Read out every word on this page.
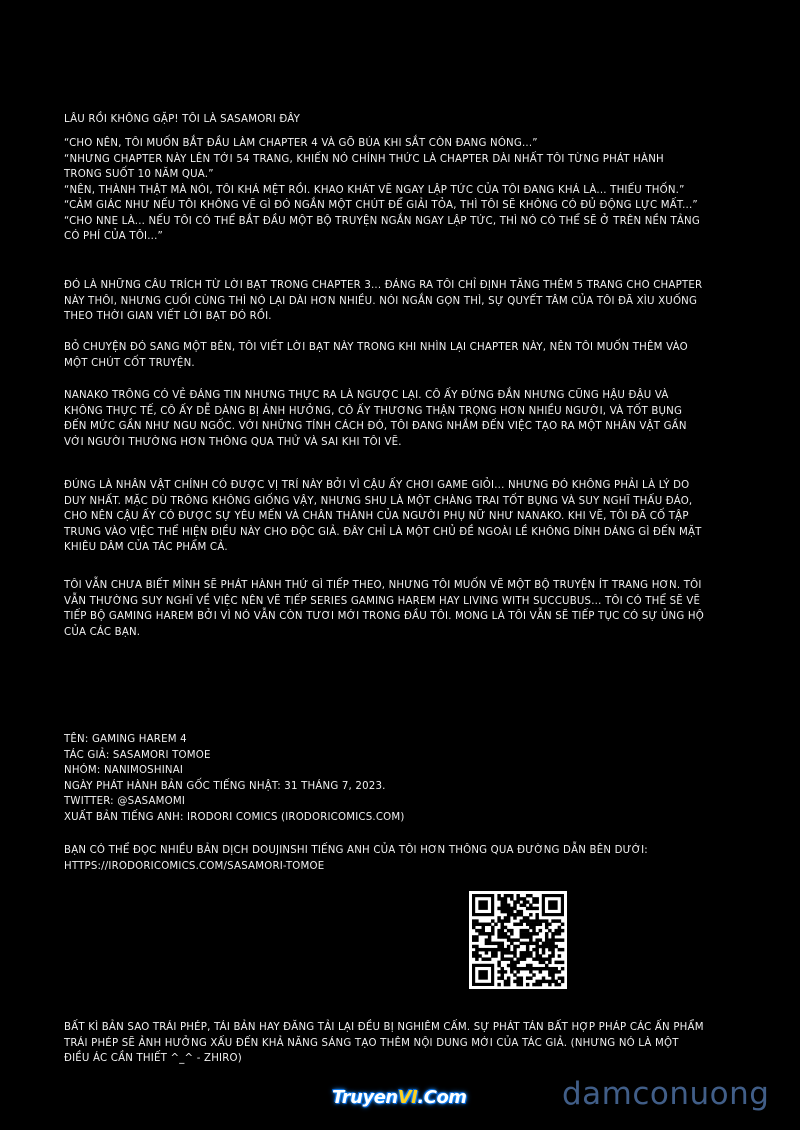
LÂU RỒI KHÔNG GẶP! TÔI LÀ SASAMORI ĐÂY

“CHO NÊN, TÔI MUỐN BẮT ĐẦU LÀM CHAPTER 4 VÀ GÕ BÚA KHI SẮT CÒN ĐANG NÓNG...”

“NHƯNG CHAPTER NÀY LÊN TỚI 54 TRANG, KHIẾN NÓ CHÍNH THỨC LÀ CHAPTER DÀI NHẤT TÔI TỪNG PHÁT HÀNH TRONG SUỐT 10 NĂM QUA.”

“NÊN, THÀNH THẬT MÀ NÓI, TÔI KHÁ MỆT RỒI. KHAO KHÁT VẼ NGAY LẬP TỨC CỦA TÔI ĐANG KHÁ LÀ... THIẾU THỐN.”

“CẢM GIÁC NHƯ NẾU TÔI KHÔNG VẼ GÌ ĐÓ NGẮN MỘT CHÚT ĐỂ GIẢI TỎA, THÌ TÔI SẼ KHÔNG CÓ ĐỦ ĐỘNG LỰC MẤT...”

“CHO NNE LÀ... NẾU TÔI CÓ THỂ BẮT ĐẦU MỘT BỘ TRUYỆN NGẮN NGAY LẬP TỨC, THÌ NÓ CÓ THỂ SẼ Ở TRÊN NỀN TẢNG CÓ PHÍ CỦA TÔI...”

ĐÓ LÀ NHỮNG CÂU TRÍCH TỪ LỜI BẠT TRONG CHAPTER 3... ĐÁNG RA TÔI CHỈ ĐỊNH TĂNG THÊM 5 TRANG CHO CHAPTER NÀY THÔI, NHƯNG CUỐI CÙNG THÌ NÓ LẠI DÀI HƠN NHIỀU. NÓI NGẮN GỌN THÌ, SỰ QUYẾT TÂM CỦA TÔI ĐÃ XÌU XUỐNG THEO THỜI GIAN VIẾT LỜI BẠT ĐÓ RỒI.

BỎ CHUYỆN ĐÓ SANG MỘT BÊN, TÔI VIẾT LỜI BẠT NÀY TRONG KHI NHÌN LẠI CHAPTER NÀY, NÊN TÔI MUỐN THÊM VÀO MỘT CHÚT CỐT TRUYỆN.

NANAKO TRÔNG CÓ VẺ ĐÁNG TIN NHƯNG THỰC RA LÀ NGƯỢC LẠI. CÔ ẤY ĐỨNG ĐẮN NHƯNG CŨNG HẬU ĐẬU VÀ KHÔNG THỰC TẾ, CÔ ẤY DỄ DÀNG BỊ ẢNH HƯỞNG, CÔ ẤY THƯƠNG THẬN TRỌNG HƠN NHIỀU NGƯỜI, VÀ TỐT BỤNG ĐẾN MỨC GẦN NHƯ NGU NGỐC. VỚI NHỮNG TÍNH CÁCH ĐÓ, TÔI ĐANG NHẮM ĐẾN VIỆC TẠO RA MỘT NHÂN VẬT GẦN VỚI NGƯỜI THƯỜNG HƠN THÔNG QUA THỬ VÀ SAI KHI TÔI VẼ.

ĐÚNG LÀ NHÂN VẬT CHÍNH CÓ ĐƯỢC VỊ TRÍ NÀY BỞI VÌ CẬU ẤY CHƠI GAME GIỎI... NHƯNG ĐÓ KHÔNG PHẢI LÀ LÝ DO DUY NHẤT. MẶC DÙ TRÔNG KHÔNG GIỐNG VẬY, NHƯNG SHU LÀ MỘT CHÀNG TRAI TỐT BỤNG VÀ SUY NGHĨ THẤU ĐÁO, CHO NÊN CẬU ẤY CÓ ĐƯỢC SỰ YÊU MẾN VÀ CHÂN THÀNH CỦA NGƯỜI PHỤ NỮ NHƯ NANAKO. KHI VẼ, TÔI ĐÃ CỐ TẬP TRUNG VÀO VIỆC THỂ HIỆN ĐIỀU NÀY CHO ĐỘC GIẢ. ĐÂY CHỈ LÀ MỘT CHỦ ĐỀ NGOÀI LỀ KHÔNG DÍNH DÁNG GÌ ĐẾN MẶT KHIÊU DÂM CỦA TÁC PHẨM CẢ.

TÔI VẪN CHƯA BIẾT MÌNH SẼ PHÁT HÀNH THỨ GÌ TIẾP THEO, NHƯNG TÔI MUỐN VẼ MỘT BỘ TRUYỆN ÍT TRANG HƠN. TÔI VẪN THƯỜNG SUY NGHĨ VỀ VIỆC NÊN VẼ TIẾP SERIES GAMING HAREM HAY LIVING WITH SUCCUBUS... TÔI CÓ THỂ SẼ VẼ TIẾP BỘ GAMING HAREM BỞI VÌ NÓ VẪN CÒN TƯƠI MỚI TRONG ĐẦU TÔI. MONG LÀ TÔI VẪN SẼ TIẾP TỤC CÓ SỰ ỦNG HỘ CỦA CÁC BẠN.

TÊN: GAMING HAREM 4

TÁC GIẢ: SASAMORI TOMOE

NHÓM: NANIMOSHINAI

NGÀY PHÁT HÀNH BẢN GỐC TIẾNG NHẬT: 31 THÁNG 7, 2023.

TWITTER: @SASAMOMI

XUẤT BẢN TIẾNG ANH: IRODORI COMICS (IRODORICOMICS.COM)

BẠN CÓ THỂ ĐỌC NHIỀU BẢN DỊCH DOUJINSHI TIẾNG ANH CỦA TÔI HƠN THÔNG QUA ĐƯỜNG DẪN BÊN DƯỚI:

HTTPS://IRODORICOMICS.COM/SASAMORI-TOMOE

BẤT KÌ BẢN SAO TRÁI PHÉP, TÁI BẢN HAY ĐĂNG TẢI LẠI ĐỀU BỊ NGHIÊM CẤM. SỰ PHÁT TÁN BẤT HỢP PHÁP CÁC ẤN PHẨM TRÁI PHÉP SẼ ẢNH HƯỞNG XẤU ĐẾN KHẢ NĂNG SÁNG TẠO THÊM NỘI DUNG MỚI CỦA TÁC GIẢ. (NHƯNG NÓ LÀ MỘT ĐIỀU ÁC CẦN THIẾT ^_^ - ZHIRO)

TruyenVI.Com	damconuong
